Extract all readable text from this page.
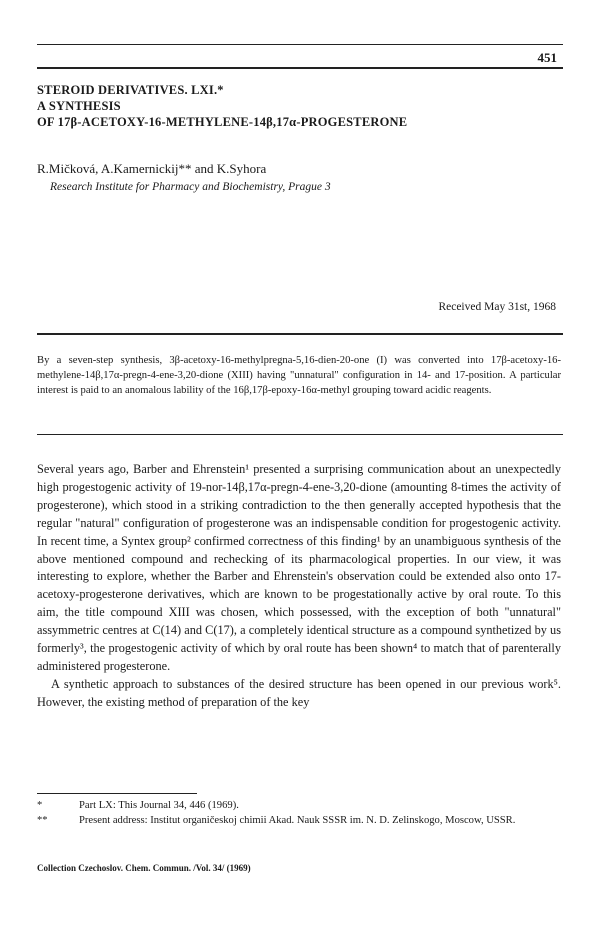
451
STEROID DERIVATIVES. LXI.*
A SYNTHESIS
OF 17β-ACETOXY-16-METHYLENE-14β,17α-PROGESTERONE
R.Mičková, A.Kamernickij** and K.Syhora
Research Institute for Pharmacy and Biochemistry, Prague 3
Received May 31st, 1968
By a seven-step synthesis, 3β-acetoxy-16-methylpregna-5,16-dien-20-one (I) was converted into 17β-acetoxy-16-methylene-14β,17α-pregn-4-ene-3,20-dione (XIII) having "unnatural" configuration in 14- and 17-position. A particular interest is paid to an anomalous lability of the 16β,17β-epoxy-16α-methyl grouping toward acidic reagents.

Several years ago, Barber and Ehrenstein¹ presented a surprising communication about an unexpectedly high progestogenic activity of 19-nor-14β,17α-pregn-4-ene-3,20-dione (amounting 8-times the activity of progesterone), which stood in a striking contradiction to the then generally accepted hypothesis that the regular "natural" configuration of progesterone was an indispensable condition for progestogenic activity. In recent time, a Syntex group² confirmed correctness of this finding¹ by an unambiguous synthesis of the above mentioned compound and rechecking of its pharmacological properties. In our view, it was interesting to explore, whether the Barber and Ehrenstein's observation could be extended also onto 17-acetoxy-progesterone derivatives, which are known to be progestationally active by oral route. To this aim, the title compound XIII was chosen, which possessed, with the exception of both "unnatural" assymmetric centres at C(14) and C(17), a completely identical structure as a compound synthetized by us formerly³, the progestogenic activity of which by oral route has been shown⁴ to match that of parenterally administered progesterone.

A synthetic approach to substances of the desired structure has been opened in our previous work⁵. However, the existing method of preparation of the key

*	Part LX: This Journal 34, 446 (1969).
**	Present address: Institut organičeskoj chimii Akad. Nauk SSSR im. N. D. Zelinskogo, Moscow, USSR.
Collection Czechoslov. Chem. Commun. /Vol. 34/ (1969)
